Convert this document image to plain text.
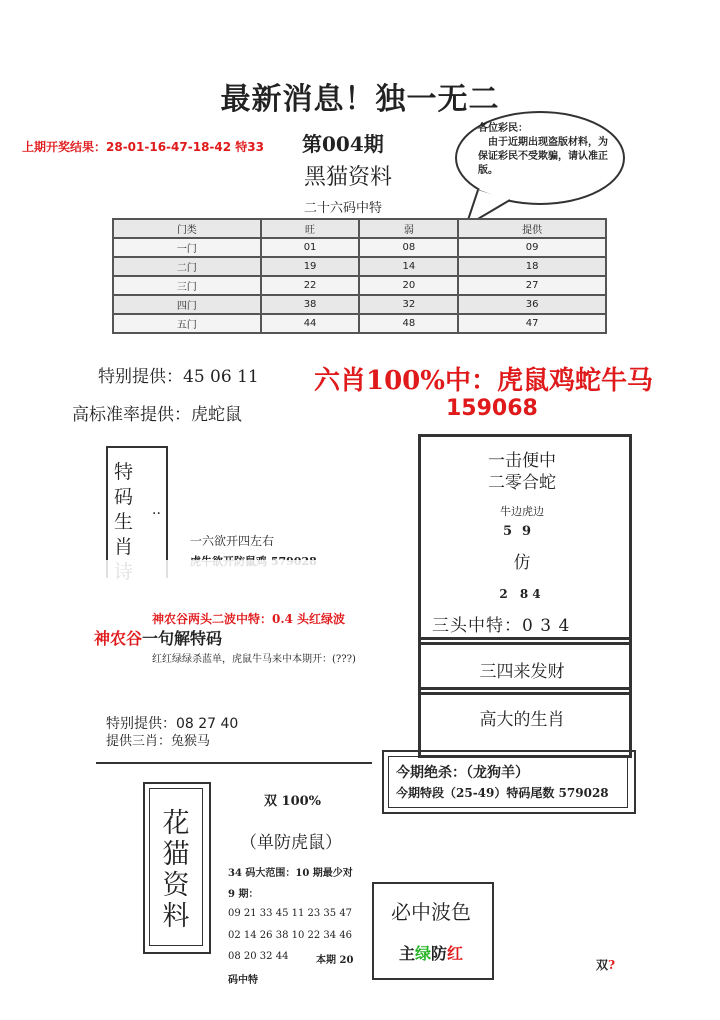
最新消息！独一无二
上期开奖结果：28-01-16-47-18-42 特33 第004期
黑猫资料
二十六码中特
各位彩民：
　由于近期出现盗版材料，为保证彩民不受欺骗，请认准正版。
门类	旺	弱	提供
一门	01	08	09
二门	19	14	18
三门	22	20	27
四门	38	32	36
五门	44	48	47
特别提供：45 06 11 六肖100%中：虎鼠鸡蛇牛马
159068
高标准率提供：虎蛇鼠
特
码
生
肖
··
一六欲开四左右
一击便中
二零合蛇
牛边虎边
59
仿
2 84
三头中特：0 3 4
三四来发财
高大的生肖
神农谷两头二波中特：0.4 头红绿波
神农谷一句解特码
红红绿绿杀蓝单，虎鼠牛马来中本期开：(???)
特别提供：08 27 40
提供三肖：兔猴马
今期绝杀：（龙狗羊）
今期特段（25-49）特码尾数 579028
花
猫
资
料
双 100%
（单防虎鼠）
34 码大范围：10 期最少对
9 期：
09 21 33 45 11 23 35 47
02 14 26 38 10 22 34 46
08 20 32 44	本期 20
码中特
必中波色
主绿防红
双?
